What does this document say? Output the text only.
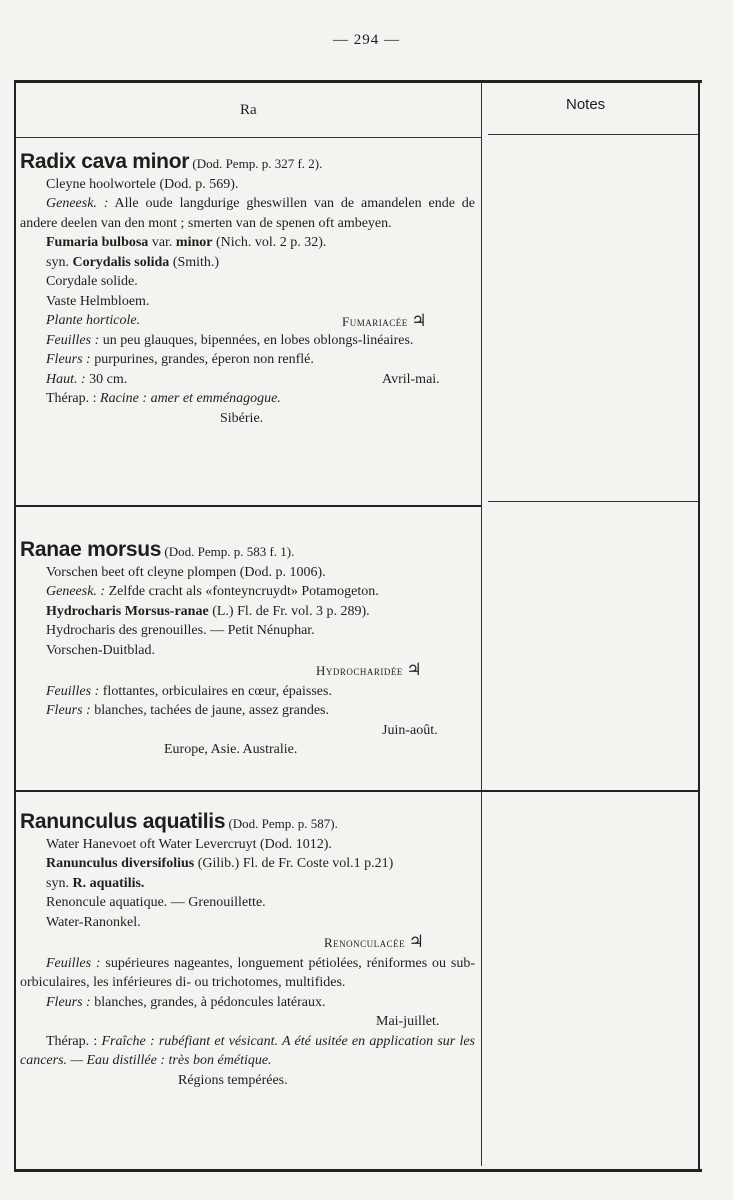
— 294 —
Ra	Notes
Radix cava minor (Dod. Pemp. p. 327 f. 2).
Cleyne hoolwortele (Dod. p. 569).
Geneesk. : Alle oude langdurige gheswillen van de amandelen ende de andere deelen van den mont ; smerten van de spenen oft ambeyen.
Fumaria bulbosa var. minor (Nich. vol. 2 p. 32).
syn. Corydalis solida (Smith.)
Corydale solide.
Vaste Helmbloem.
Plante horticole.	Fumariacée ♃
Feuilles : un peu glauques, bipennées, en lobes oblongs-linéaires.
Fleurs : purpurines, grandes, éperon non renflé.
Haut. : 30 cm.	Avril-mai.
Thérap. : Racine : amer et emménagogue.
Sibérie.
Ranae morsus (Dod. Pemp. p. 583 f. 1).
Vorschen beet oft cleyne plompen (Dod. p. 1006).
Geneesk. : Zelfde cracht als «fonteyncruydt» Potamogeton.
Hydrocharis Morsus-ranae (L.) Fl. de Fr. vol. 3 p. 289).
Hydrocharis des grenouilles. — Petit Nénuphar.
Vorschen-Duitblad.
Hydrocharidée ♃
Feuilles : flottantes, orbiculaires en cœur, épaisses.
Fleurs : blanches, tachées de jaune, assez grandes.
Juin-août.
Europe, Asie. Australie.
Ranunculus aquatilis (Dod. Pemp. p. 587).
Water Hanevoet oft Water Levercruyt (Dod. 1012).
Ranunculus diversifolius (Gilib.) Fl. de Fr. Coste vol.1 p.21)
syn. R. aquatilis.
Renoncule aquatique. — Grenouillette.
Water-Ranonkel.
Renonculacée ♃
Feuilles : supérieures nageantes, longuement pétiolées, réniformes ou sub-orbiculaires, les inférieures di- ou trichotomes, multifides.
Fleurs : blanches, grandes, à pédoncules latéraux.
Mai-juillet.
Thérap. : Fraîche : rubéfiant et vésicant. A été usitée en application sur les cancers. — Eau distillée : très bon émétique.
Régions tempérées.
